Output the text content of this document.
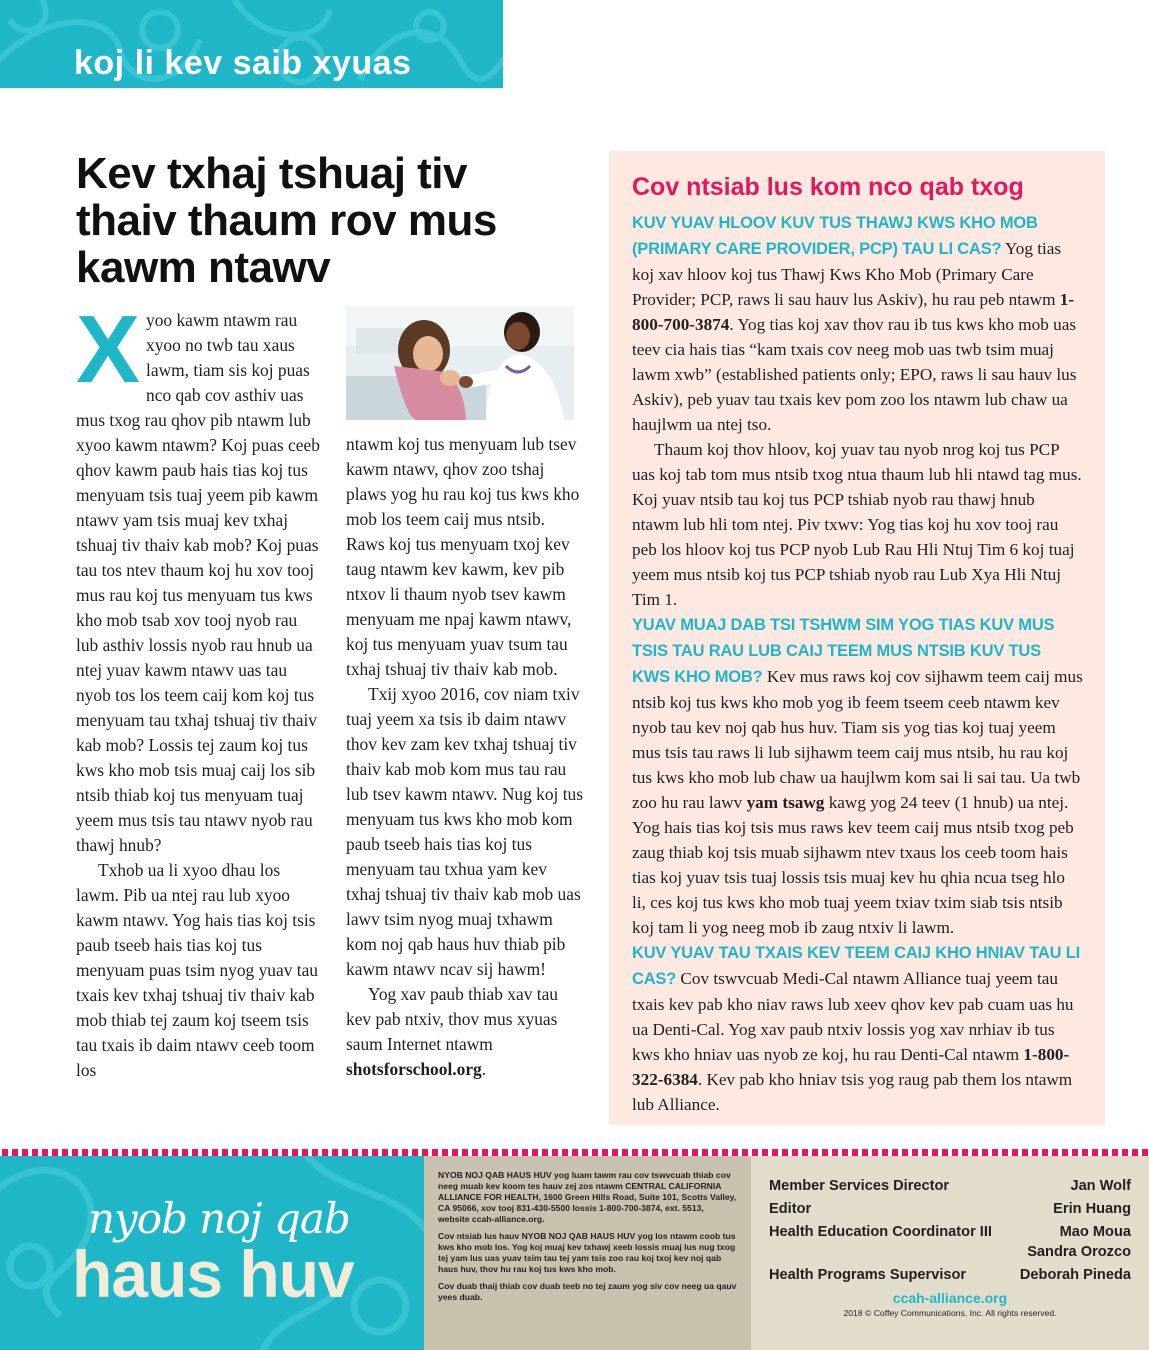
koj li kev saib xyuas
Kev txhaj tshuaj tiv thaiv thaum rov mus kawm ntawv

Xyoo kawm ntawm rau xyoo no twb tau xaus lawm, tiam sis koj puas nco qab cov asthiv uas mus txog rau qhov pib ntawm lub xyoo kawm ntawm? Koj puas ceeb qhov kawm paub hais tias koj tus menyuam tsis tuaj yeem pib kawm ntawv yam tsis muaj kev txhaj tshuaj tiv thaiv kab mob? Koj puas tau tos ntev thaum koj hu xov tooj mus rau koj tus menyuam tus kws kho mob tsab xov tooj nyob rau lub asthiv lossis nyob rau hnub ua ntej yuav kawm ntawv uas tau nyob tos los teem caij kom koj tus menyuam tau txhaj tshuaj tiv thaiv kab mob? Lossis tej zaum koj tus kws kho mob tsis muaj caij los sib ntsib thiab koj tus menyuam tuaj yeem mus tsis tau ntawv nyob rau thawj hnub?

Txhob ua li xyoo dhau los lawm. Pib ua ntej rau lub xyoo kawm ntawv. Yog hais tias koj tsis paub tseeb hais tias koj tus menyuam puas tsim nyog yuav tau txais kev txhaj tshuaj tiv thaiv kab mob thiab tej zaum koj tseem tsis tau txais ib daim ntawv ceeb toom los

ntawm koj tus menyuam lub tsev kawm ntawv, qhov zoo tshaj plaws yog hu rau koj tus kws kho mob los teem caij mus ntsib. Raws koj tus menyuam txoj kev taug ntawm kev kawm, kev pib ntxov li thaum nyob tsev kawm menyuam me npaj kawm ntawv, koj tus menyuam yuav tsum tau txhaj tshuaj tiv thaiv kab mob.

Txij xyoo 2016, cov niam txiv tuaj yeem xa tsis ib daim ntawv thov kev zam kev txhaj tshuaj tiv thaiv kab mob kom mus tau rau lub tsev kawm ntawv. Nug koj tus menyuam tus kws kho mob kom paub tseeb hais tias koj tus menyuam tau txhua yam kev txhaj tshuaj tiv thaiv kab mob uas lawv tsim nyog muaj txhawm kom noj qab haus huv thiab pib kawm ntawv ncav sij hawm!

Yog xav paub thiab xav tau kev pab ntxiv, thov mus xyuas saum Internet ntawm shotsforschool.org.

Cov ntsiab lus kom nco qab txog

KUV YUAV HLOOV KUV TUS THAWJ KWS KHO MOB (PRIMARY CARE PROVIDER, PCP) TAU LI CAS? Yog tias koj xav hloov koj tus Thawj Kws Kho Mob (Primary Care Provider; PCP, raws li sau hauv lus Askiv), hu rau peb ntawm 1-800-700-3874. Yog tias koj xav thov rau ib tus kws kho mob uas teev cia hais tias “kam txais cov neeg mob uas twb tsim muaj lawm xwb” (established patients only; EPO, raws li sau hauv lus Askiv), peb yuav tau txais kev pom zoo los ntawm lub chaw ua haujlwm ua ntej tso.

Thaum koj thov hloov, koj yuav tau nyob nrog koj tus PCP uas koj tab tom mus ntsib txog ntua thaum lub hli ntawd tag mus. Koj yuav ntsib tau koj tus PCP tshiab nyob rau thawj hnub ntawm lub hli tom ntej. Piv txwv: Yog tias koj hu xov tooj rau peb los hloov koj tus PCP nyob Lub Rau Hli Ntuj Tim 6 koj tuaj yeem mus ntsib koj tus PCP tshiab nyob rau Lub Xya Hli Ntuj Tim 1.

YUAV MUAJ DAB TSI TSHWM SIM YOG TIAS KUV MUS TSIS TAU RAU LUB CAIJ TEEM MUS NTSIB KUV TUS KWS KHO MOB? Kev mus raws koj cov sijhawm teem caij mus ntsib koj tus kws kho mob yog ib feem tseem ceeb ntawm kev nyob tau kev noj qab hus huv. Tiam sis yog tias koj tuaj yeem mus tsis tau raws li lub sijhawm teem caij mus ntsib, hu rau koj tus kws kho mob lub chaw ua haujlwm kom sai li sai tau. Ua twb zoo hu rau lawv yam tsawg kawg yog 24 teev (1 hnub) ua ntej. Yog hais tias koj tsis mus raws kev teem caij mus ntsib txog peb zaug thiab koj tsis muab sijhawm ntev txaus los ceeb toom hais tias koj yuav tsis tuaj lossis tsis muaj kev hu qhia ncua tseg hlo li, ces koj tus kws kho mob tuaj yeem txiav txim siab tsis ntsib koj tam li yog neeg mob ib zaug ntxiv li lawm.

KUV YUAV TAU TXAIS KEV TEEM CAIJ KHO HNIAV TAU LI CAS? Cov tswvcuab Medi-Cal ntawm Alliance tuaj yeem tau txais kev pab kho niav raws lub xeev qhov kev pab cuam uas hu ua Denti-Cal. Yog xav paub ntxiv lossis yog xav nrhiav ib tus kws kho hniav uas nyob ze koj, hu rau Denti-Cal ntawm 1-800-322-6384. Kev pab kho hniav tsis yog raug pab them los ntawm lub Alliance.

nyob noj qab
haus huv

NYOB NOJ QAB HAUS HUV yog luam tawm rau cov tswvcuab thiab cov neeg muab kev koom tes hauv zej zos ntawm CENTRAL CALIFORNIA ALLIANCE FOR HEALTH, 1600 Green Hills Road, Suite 101, Scotts Valley, CA 95066, xov tooj 831-430-5500 lossis 1-800-700-3874, ext. 5513, website ccah-alliance.org.

Cov ntsiab lus hauv NYOB NOJ QAB HAUS HUV yog los ntawm coob tus kws kho mob los. Yog koj muaj kev txhawj xeeb lossis muaj lus nug txog tej yam lus uas yuav tsim tau tej yam tsis zoo rau koj txoj kev noj qab haus huv, thov hu rau koj tus kws kho mob.

Cov duab thaij thiab cov duab teeb no tej zaum yog siv cov neeg ua qauv yees duab.

Member Services Director	Jan Wolf
Editor	Erin Huang
Health Education Coordinator III	Mao Moua
Sandra Orozco
Health Programs Supervisor	Deborah Pineda
ccah-alliance.org
2018 © Coffey Communications, Inc. All rights reserved.
